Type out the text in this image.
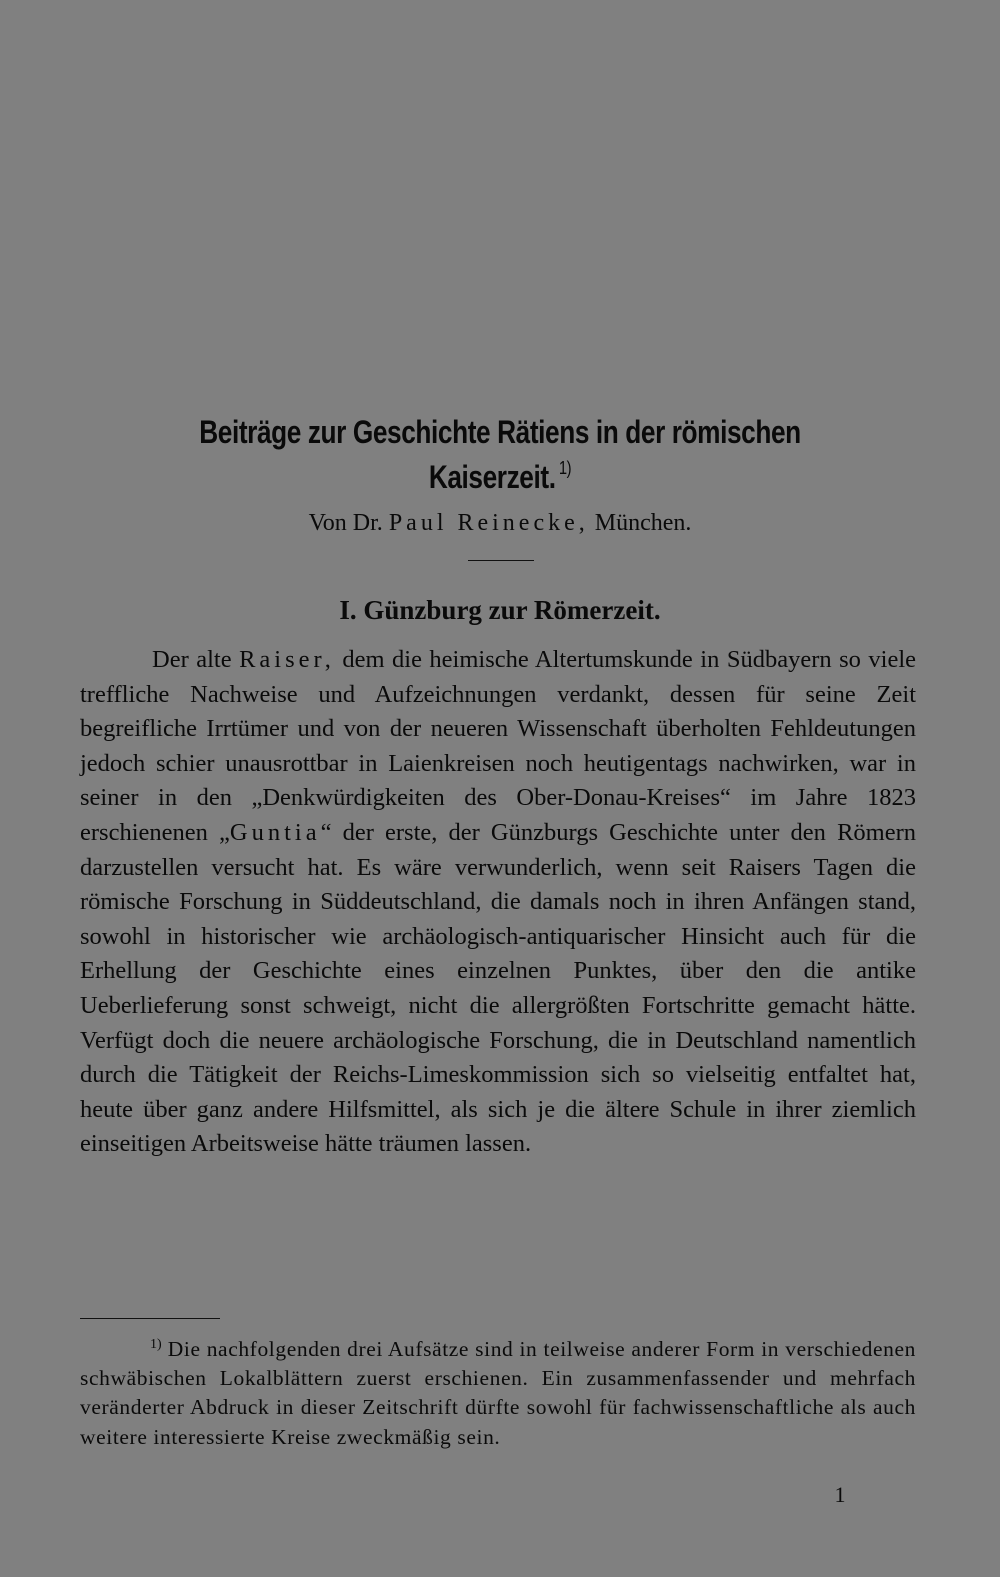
Beiträge zur Geschichte Rätiens in der römischen
Kaiserzeit. $^{1)}$
Von Dr. Paul Reinecke, München.
I. Günzburg zur Römerzeit.

Der alte Raiser, dem die heimische Altertumskunde in Südbayern so viele treffliche Nachweise und Aufzeichnungen verdankt, dessen für seine Zeit begreifliche Irrtümer und von der neueren Wissenschaft überholten Fehldeutungen jedoch schier unausrottbar in Laienkreisen noch heutigentags nachwirken, war in seiner in den „Denkwürdigkeiten des Ober-Donau-Kreises“ im Jahre 1823 erschienenen „Guntia“ der erste, der Günzburgs Geschichte unter den Römern darzustellen versucht hat. Es wäre verwunderlich, wenn seit Raisers Tagen die römische Forschung in Süddeutschland, die damals noch in ihren Anfängen stand, sowohl in historischer wie archäologisch-antiquarischer Hinsicht auch für die Erhellung der Geschichte eines einzelnen Punktes, über den die antike Ueberlieferung sonst schweigt, nicht die allergrößten Fortschritte gemacht hätte. Verfügt doch die neuere archäologische Forschung, die in Deutschland namentlich durch die Tätigkeit der Reichs-Limeskommission sich so vielseitig entfaltet hat, heute über ganz andere Hilfsmittel, als sich je die ältere Schule in ihrer ziemlich einseitigen Arbeitsweise hätte träumen lassen.

$^{1)}$ Die nachfolgenden drei Aufsätze sind in teilweise anderer Form in verschiedenen schwäbischen Lokalblättern zuerst erschienen. Ein zusammenfassender und mehrfach veränderter Abdruck in dieser Zeitschrift dürfte sowohl für fachwissenschaftliche als auch weitere interessierte Kreise zweckmäßig sein.

1
